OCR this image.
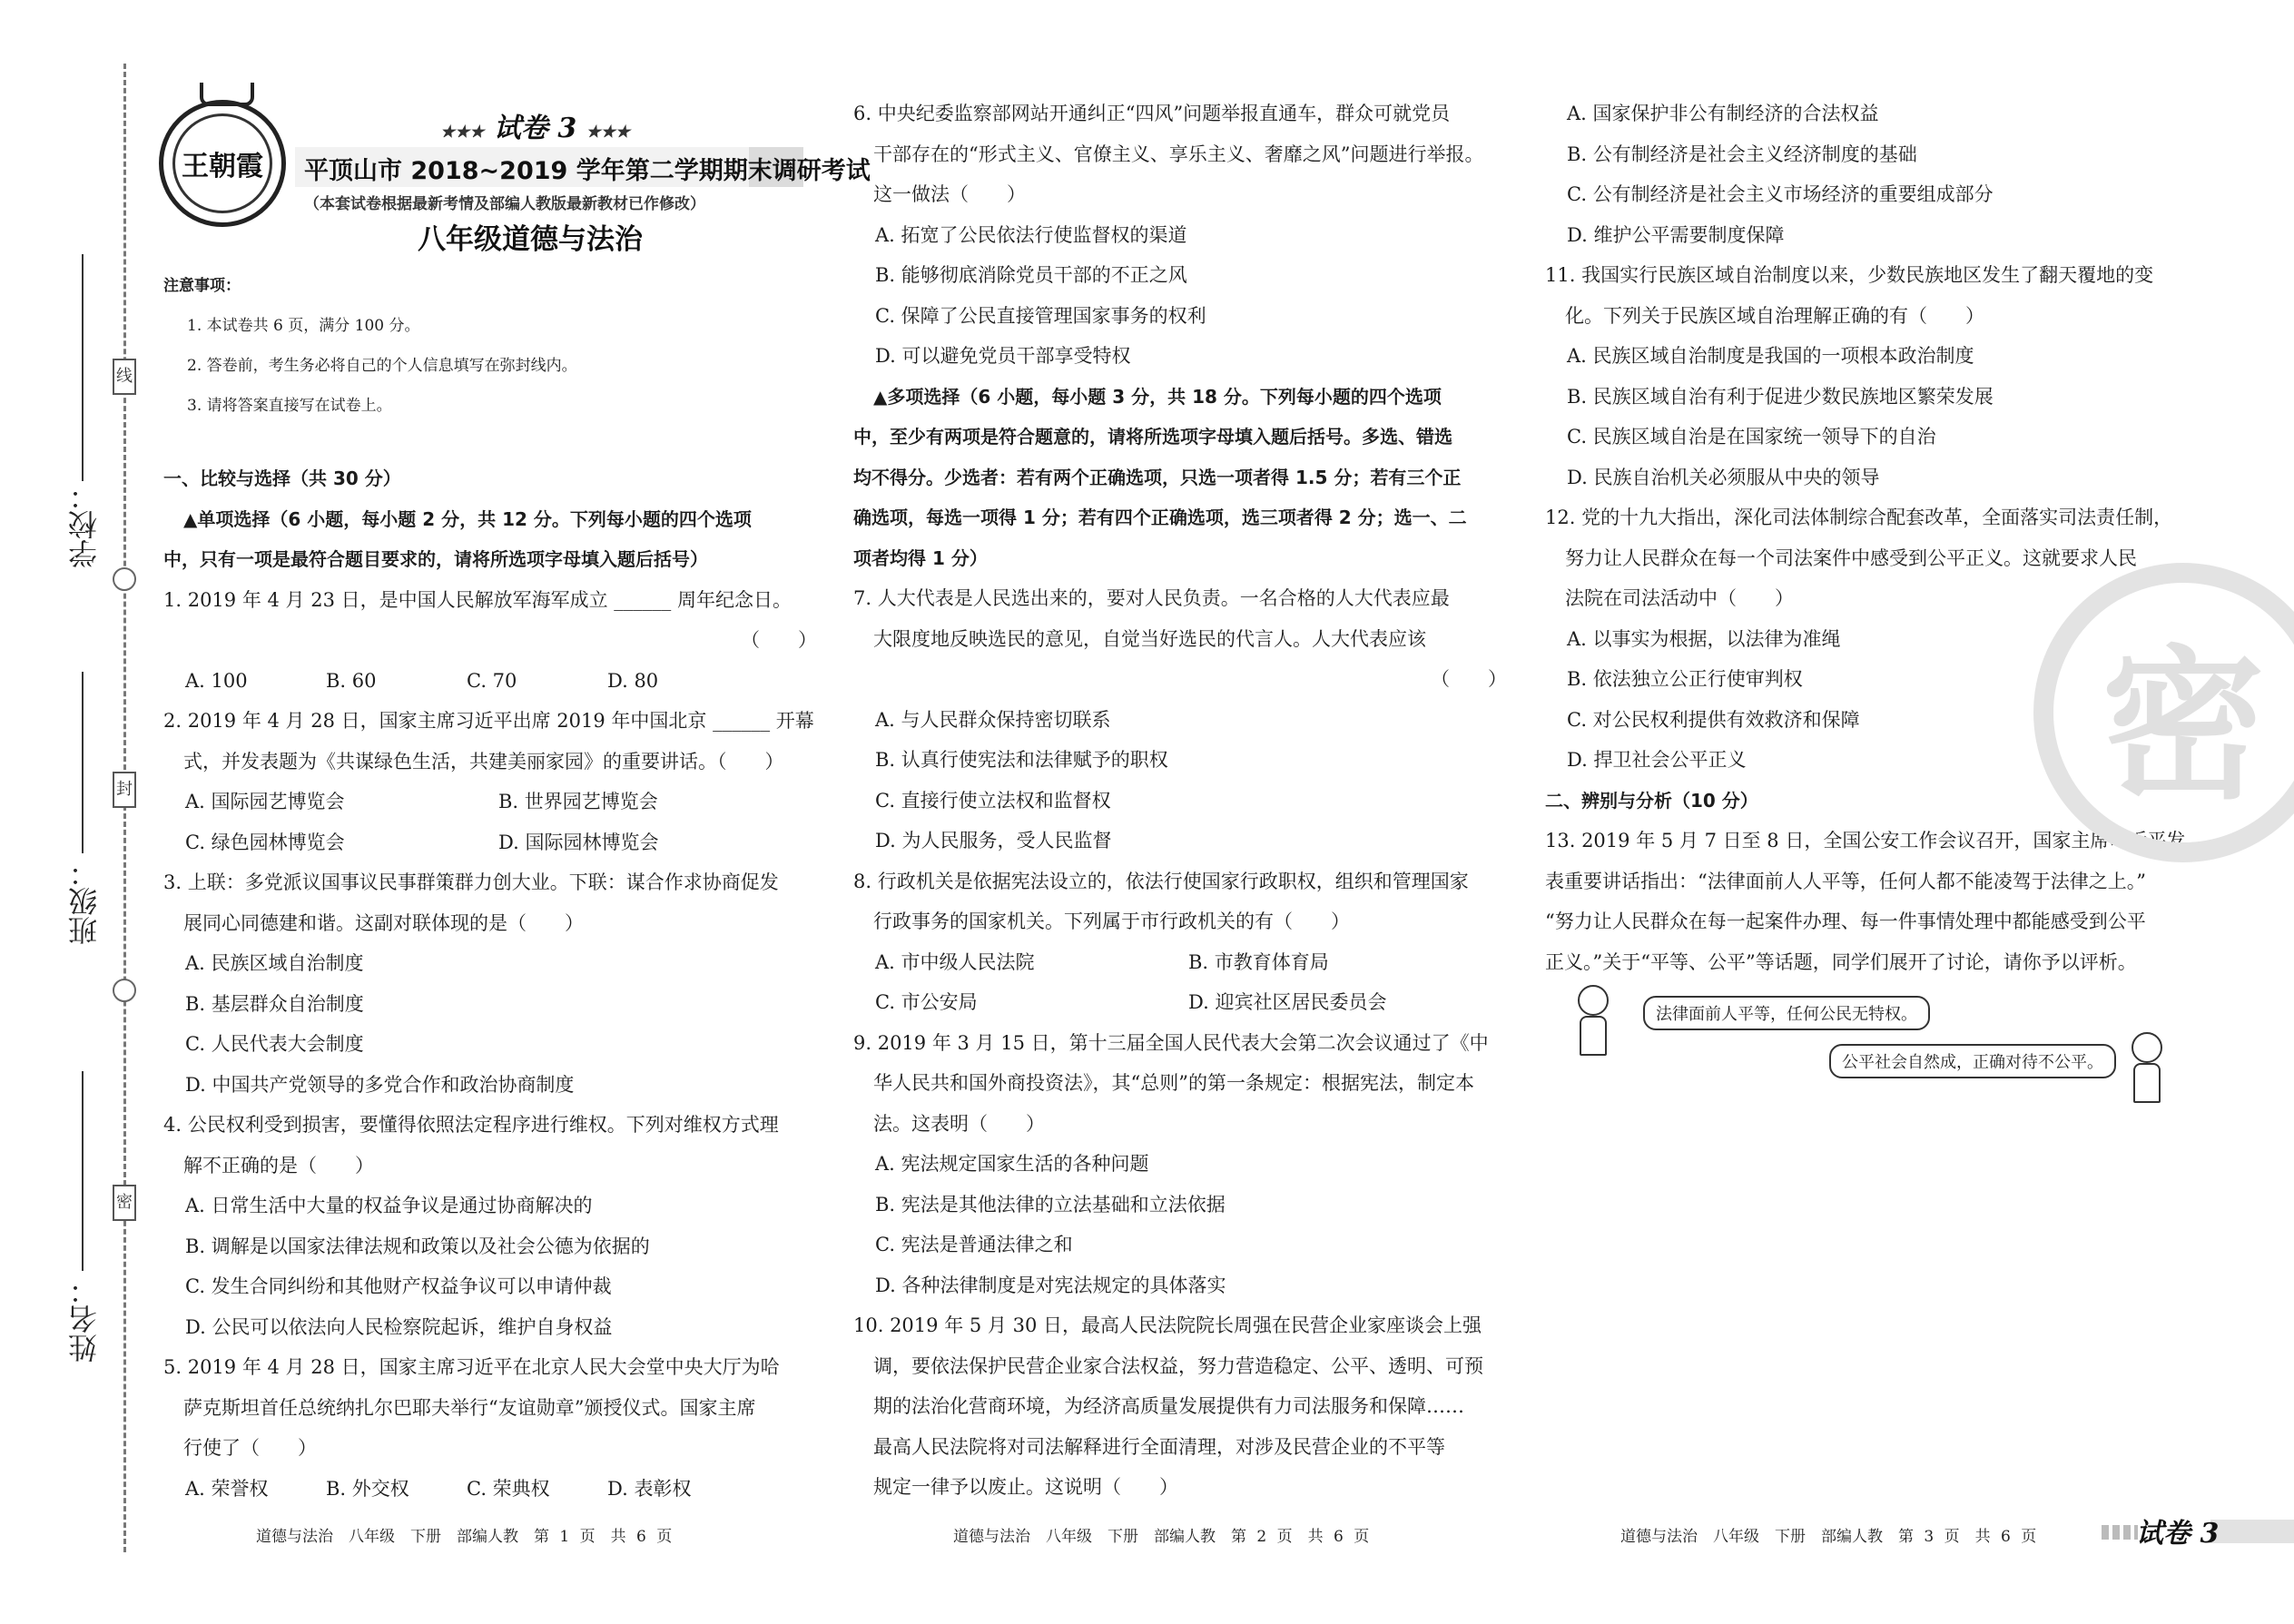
学校：
班级：
姓名：
线
封
密
王朝霞
★★★ 试卷 3 ★★★
平顶山市 2018~2019 学年第二学期期末调研考试
（本套试卷根据最新考情及部编人教版最新教材已作修改）
八年级道德与法治
注意事项：
1. 本试卷共 6 页，满分 100 分。
2. 答卷前，考生务必将自己的个人信息填写在弥封线内。
3. 请将答案直接写在试卷上。
一、比较与选择（共 30 分）
▲单项选择（6 小题，每小题 2 分，共 12 分。下列每小题的四个选项
中，只有一项是最符合题目要求的，请将所选项字母填入题后括号）
1. 2019 年 4 月 23 日，是中国人民解放军海军成立 ______ 周年纪念日。
（　　）
A. 100	B. 60	C. 70	D. 80
2. 2019 年 4 月 28 日，国家主席习近平出席 2019 年中国北京 ______ 开幕
式，并发表题为《共谋绿色生活，共建美丽家园》的重要讲话。（　　）
A. 国际园艺博览会	B. 世界园艺博览会
C. 绿色园林博览会	D. 国际园林博览会
3. 上联：多党派议国事议民事群策群力创大业。下联：谋合作求协商促发
展同心同德建和谐。这副对联体现的是（　　）
A. 民族区域自治制度
B. 基层群众自治制度
C. 人民代表大会制度
D. 中国共产党领导的多党合作和政治协商制度
4. 公民权利受到损害，要懂得依照法定程序进行维权。下列对维权方式理
解不正确的是（　　）
A. 日常生活中大量的权益争议是通过协商解决的
B. 调解是以国家法律法规和政策以及社会公德为依据的
C. 发生合同纠纷和其他财产权益争议可以申请仲裁
D. 公民可以依法向人民检察院起诉，维护自身权益
5. 2019 年 4 月 28 日，国家主席习近平在北京人民大会堂中央大厅为哈
萨克斯坦首任总统纳扎尔巴耶夫举行“友谊勋章”颁授仪式。国家主席
行使了（　　）
A. 荣誉权	B. 外交权	C. 荣典权	D. 表彰权
6. 中央纪委监察部网站开通纠正“四风”问题举报直通车，群众可就党员
干部存在的“形式主义、官僚主义、享乐主义、奢靡之风”问题进行举报。
这一做法（　　）
A. 拓宽了公民依法行使监督权的渠道
B. 能够彻底消除党员干部的不正之风
C. 保障了公民直接管理国家事务的权利
D. 可以避免党员干部享受特权
▲多项选择（6 小题，每小题 3 分，共 18 分。下列每小题的四个选项
中，至少有两项是符合题意的，请将所选项字母填入题后括号。多选、错选
均不得分。少选者：若有两个正确选项，只选一项者得 1.5 分；若有三个正
确选项，每选一项得 1 分；若有四个正确选项，选三项者得 2 分；选一、二
项者均得 1 分）
7. 人大代表是人民选出来的，要对人民负责。一名合格的人大代表应最
大限度地反映选民的意见，自觉当好选民的代言人。人大代表应该
（　　）
A. 与人民群众保持密切联系
B. 认真行使宪法和法律赋予的职权
C. 直接行使立法权和监督权
D. 为人民服务，受人民监督
8. 行政机关是依据宪法设立的，依法行使国家行政职权，组织和管理国家
行政事务的国家机关。下列属于市行政机关的有（　　）
A. 市中级人民法院	B. 市教育体育局
C. 市公安局	D. 迎宾社区居民委员会
9. 2019 年 3 月 15 日，第十三届全国人民代表大会第二次会议通过了《中
华人民共和国外商投资法》，其“总则”的第一条规定：根据宪法，制定本
法。这表明（　　）
A. 宪法规定国家生活的各种问题
B. 宪法是其他法律的立法基础和立法依据
C. 宪法是普通法律之和
D. 各种法律制度是对宪法规定的具体落实
10. 2019 年 5 月 30 日，最高人民法院院长周强在民营企业家座谈会上强
调，要依法保护民营企业家合法权益，努力营造稳定、公平、透明、可预
期的法治化营商环境，为经济高质量发展提供有力司法服务和保障……
最高人民法院将对司法解释进行全面清理，对涉及民营企业的不平等
规定一律予以废止。这说明（　　）
A. 国家保护非公有制经济的合法权益
B. 公有制经济是社会主义经济制度的基础
C. 公有制经济是社会主义市场经济的重要组成部分
D. 维护公平需要制度保障
11. 我国实行民族区域自治制度以来，少数民族地区发生了翻天覆地的变
化。下列关于民族区域自治理解正确的有（　　）
A. 民族区域自治制度是我国的一项根本政治制度
B. 民族区域自治有利于促进少数民族地区繁荣发展
C. 民族区域自治是在国家统一领导下的自治
D. 民族自治机关必须服从中央的领导
12. 党的十九大指出，深化司法体制综合配套改革，全面落实司法责任制，
努力让人民群众在每一个司法案件中感受到公平正义。这就要求人民
法院在司法活动中（　　）
A. 以事实为根据，以法律为准绳
B. 依法独立公正行使审判权
C. 对公民权利提供有效救济和保障
D. 捍卫社会公平正义
二、辨别与分析（10 分）
13. 2019 年 5 月 7 日至 8 日，全国公安工作会议召开，国家主席习近平发
表重要讲话指出：“法律面前人人平等，任何人都不能凌驾于法律之上。”
“努力让人民群众在每一起案件办理、每一件事情处理中都能感受到公平
正义。”关于“平等、公平”等话题，同学们展开了讨论，请你予以评析。
法律面前人平等，任何公民无特权。
公平社会自然成，正确对待不公平。
密
道德与法治　八年级　下册　部编人教　第 1 页　共 6 页	道德与法治　八年级　下册　部编人教　第 2 页　共 6 页	道德与法治　八年级　下册　部编人教　第 3 页　共 6 页	试卷 3
